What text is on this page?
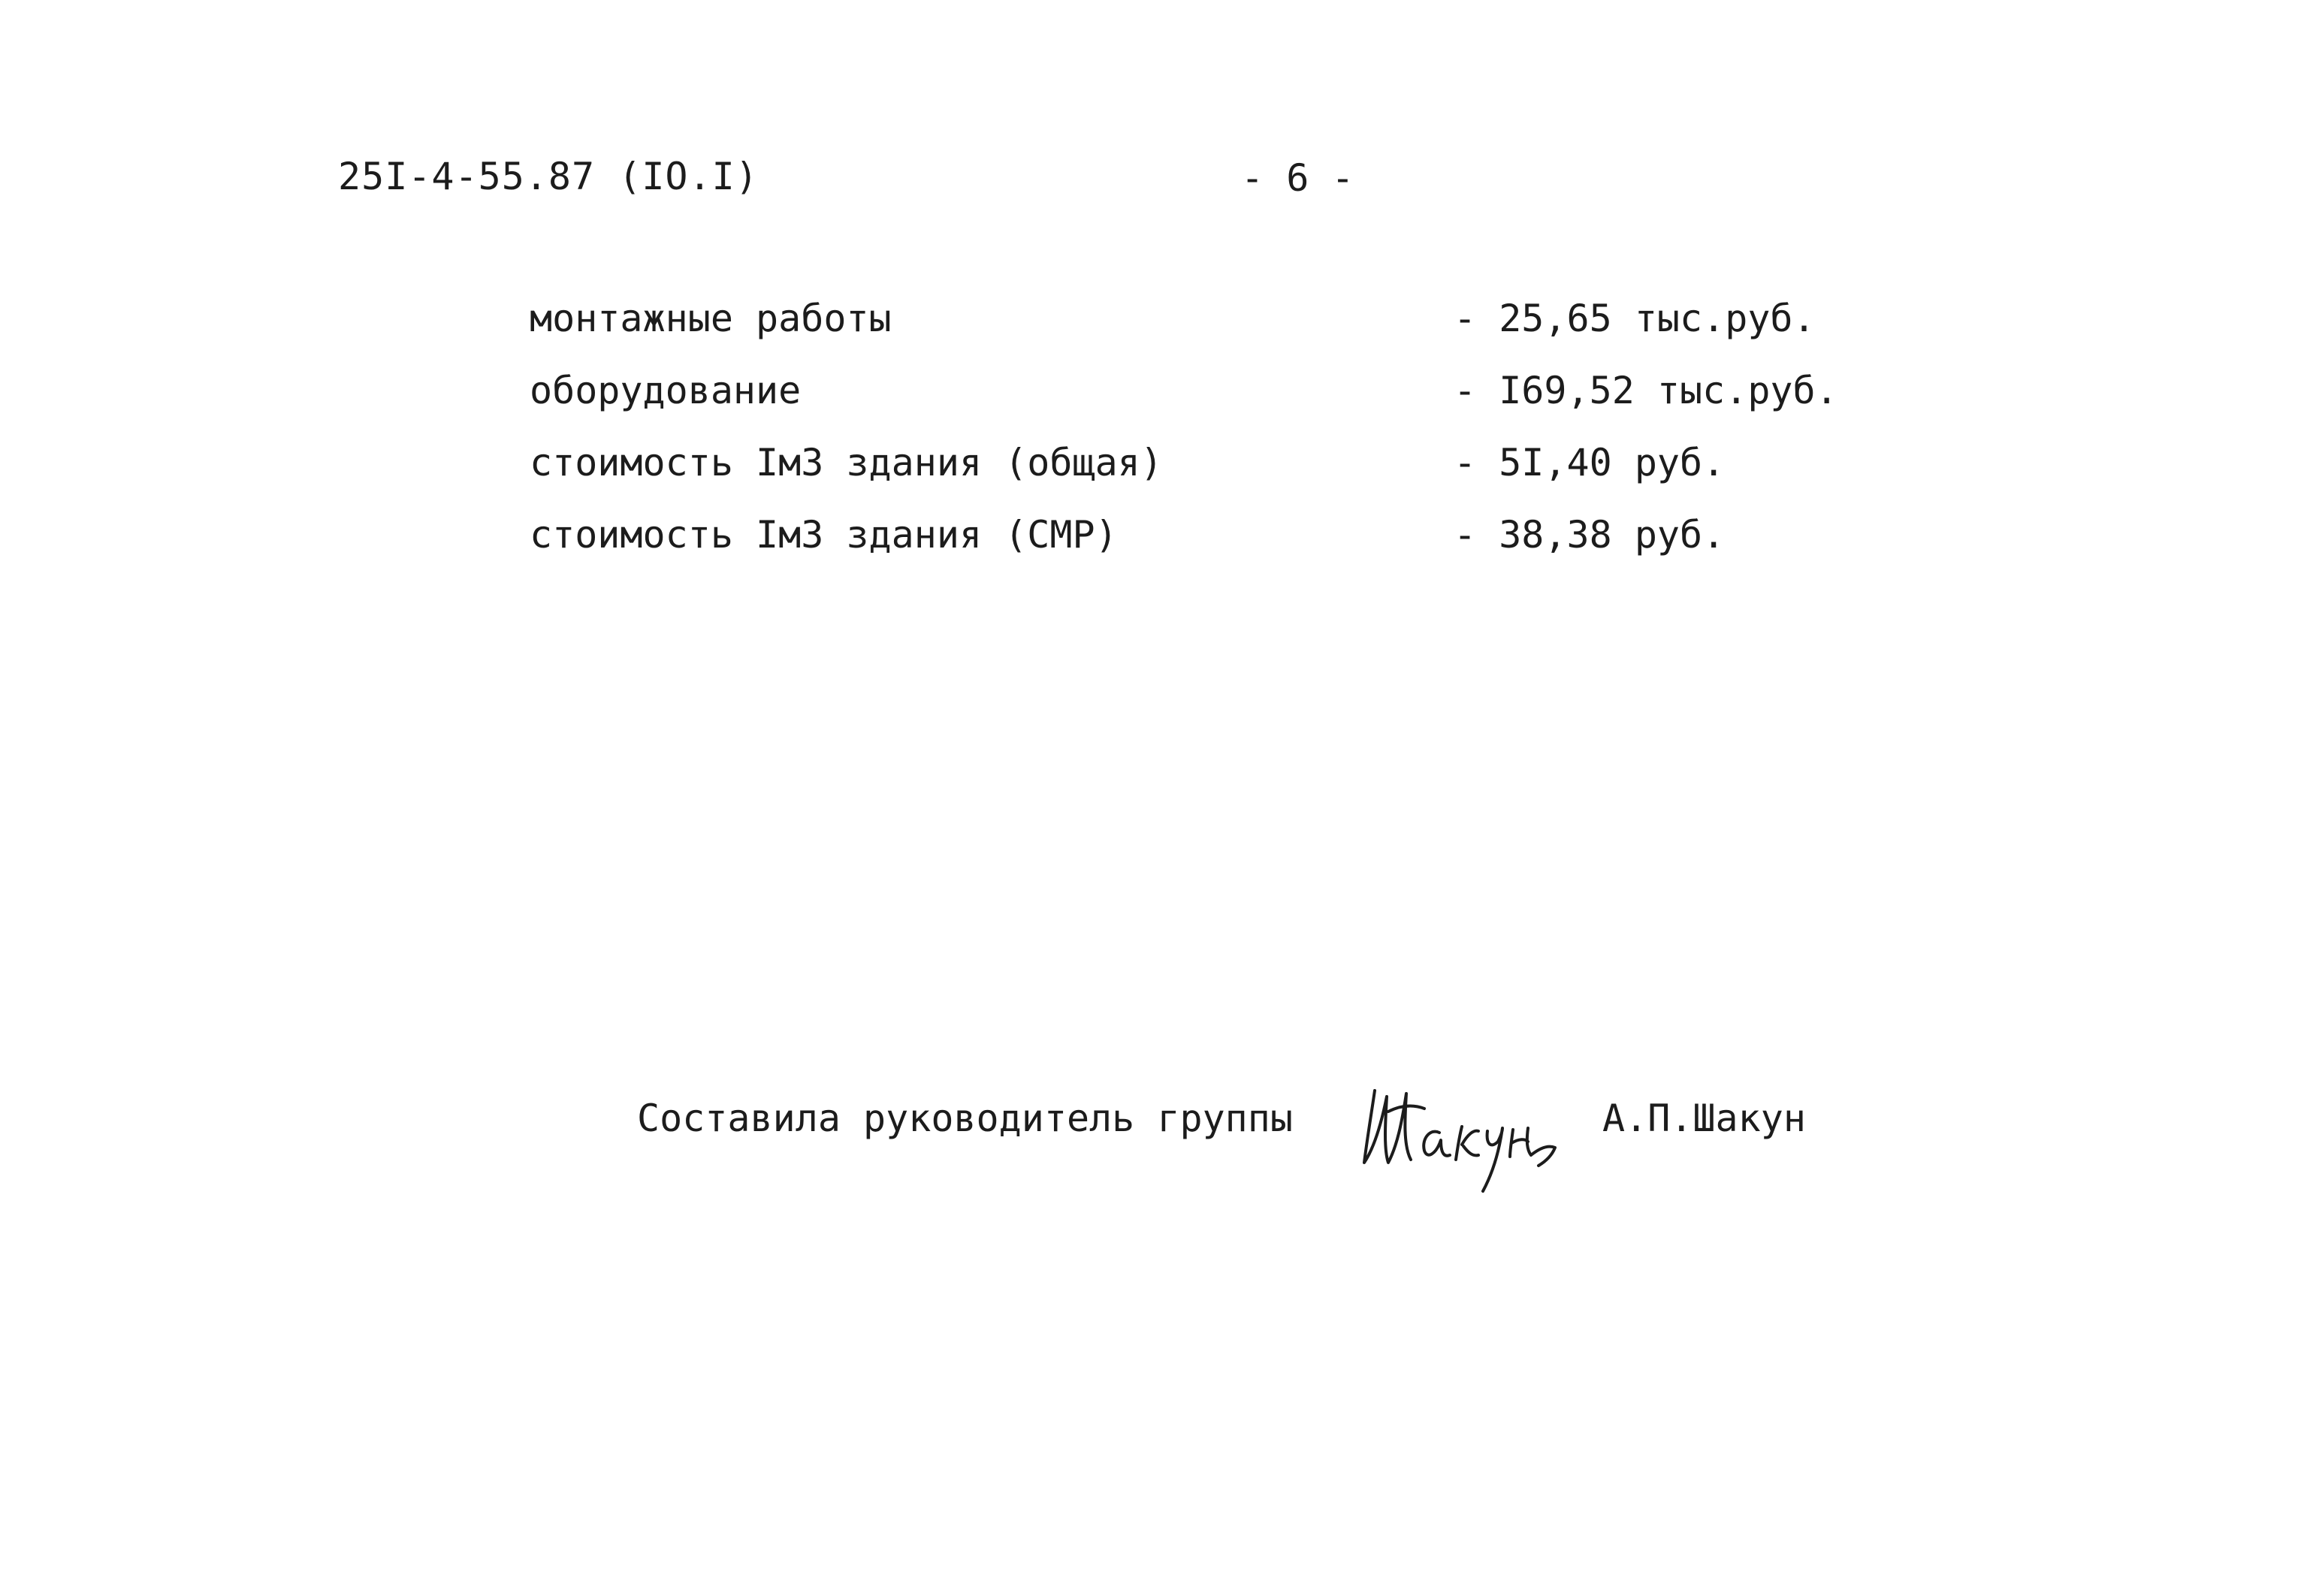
25I-4-55.87 (IO.I)	- 6 -
монтажные работы	- 25,65 тыс.руб.
оборудование	- I69,52 тыс.руб.
стоимость Iм3 здания (общая)	- 5I,40 руб.
стоимость Iм3 здания (СМР)	- 38,38 руб.
Составила руководитель группы	А.П.Шакун
